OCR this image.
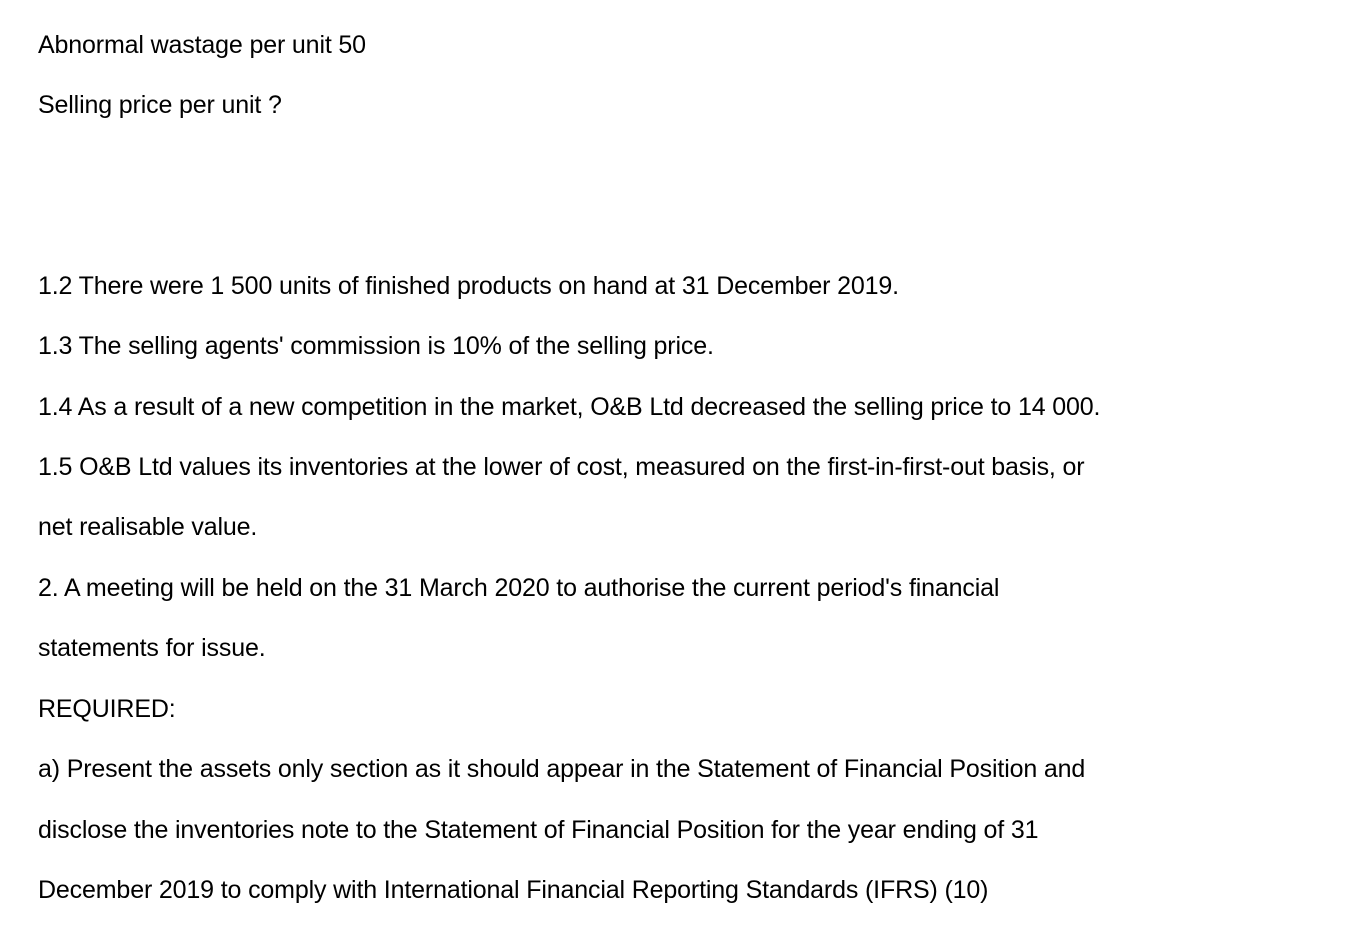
Abnormal wastage per unit 50
Selling price per unit ?
1.2 There were 1 500 units of finished products on hand at 31 December 2019.
1.3 The selling agents' commission is 10% of the selling price.
1.4 As a result of a new competition in the market, O&B Ltd decreased the selling price to 14 000.
1.5 O&B Ltd values its inventories at the lower of cost, measured on the first-in-first-out basis, or
net realisable value.
2. A meeting will be held on the 31 March 2020 to authorise the current period's financial
statements for issue.
REQUIRED:
a) Present the assets only section as it should appear in the Statement of Financial Position and
disclose the inventories note to the Statement of Financial Position for the year ending of 31
December 2019 to comply with International Financial Reporting Standards (IFRS) (10)
